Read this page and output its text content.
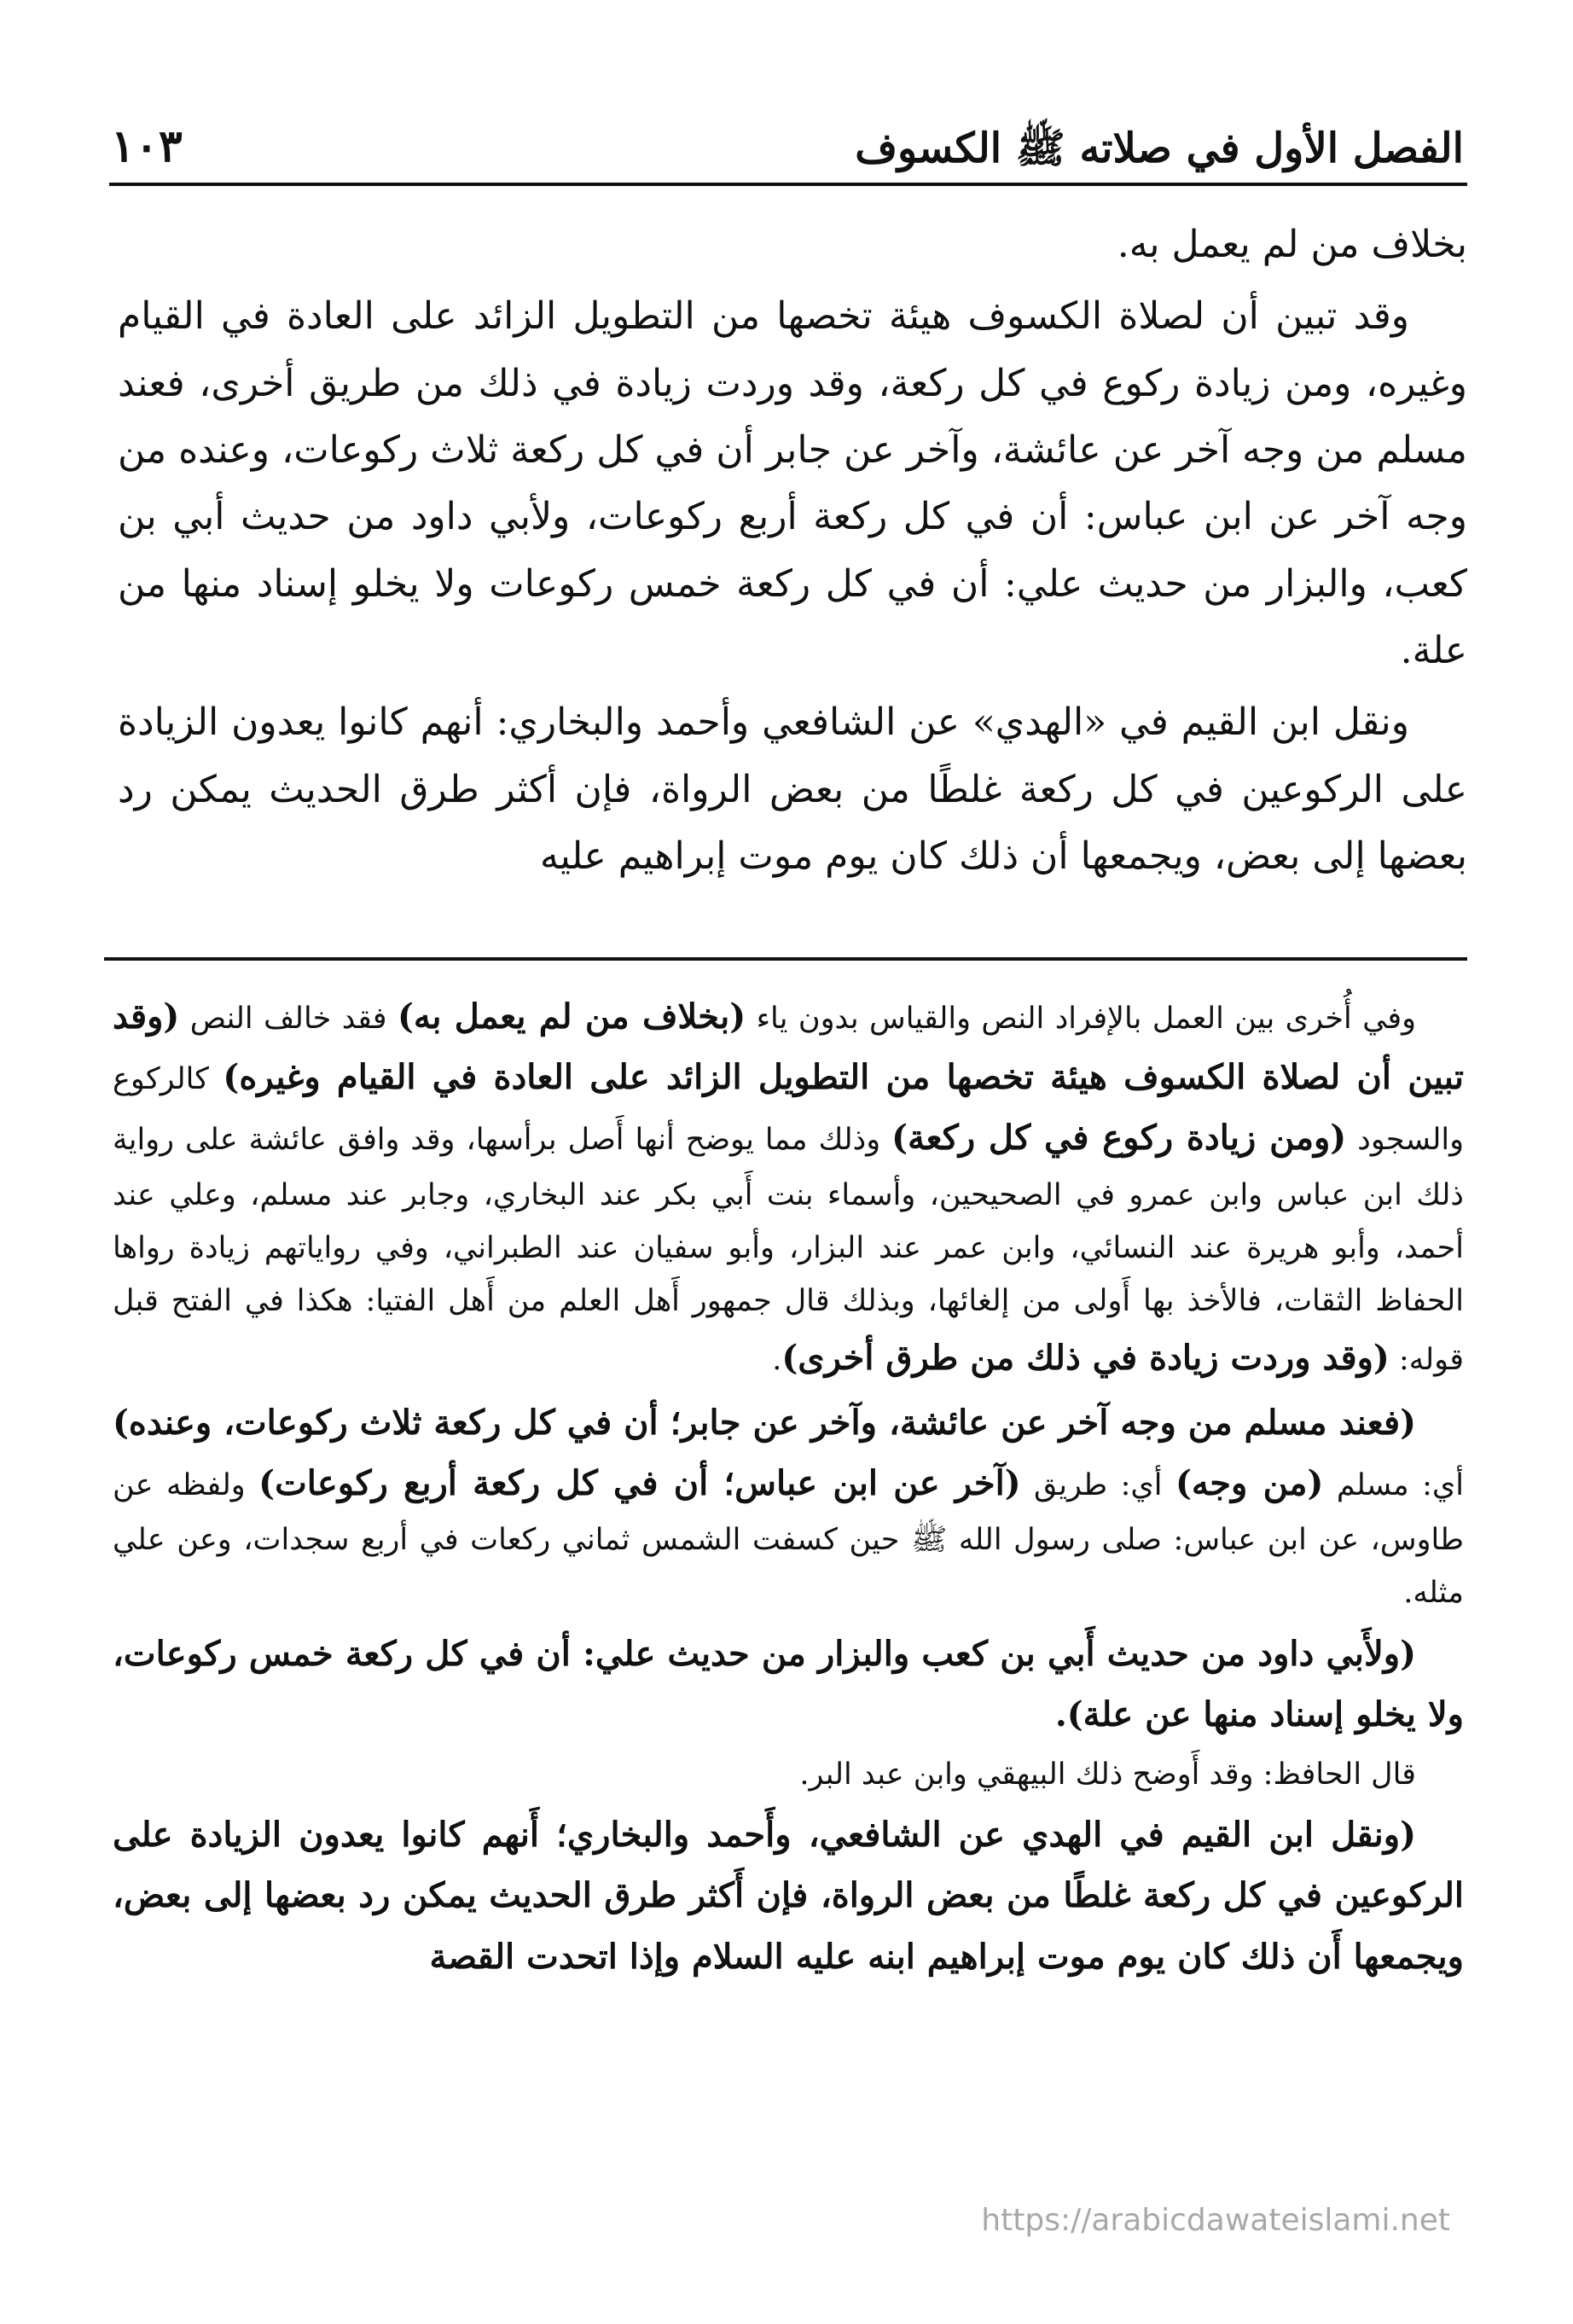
الفصل الأول في صلاته ﷺ الكسوف
١٠٣

بخلاف من لم يعمل به.

وقد تبين أن لصلاة الكسوف هيئة تخصها من التطويل الزائد على العادة في القيام وغيره، ومن زيادة ركوع في كل ركعة، وقد وردت زيادة في ذلك من طريق أخرى، فعند مسلم من وجه آخر عن عائشة، وآخر عن جابر أن في كل ركعة ثلاث ركوعات، وعنده من وجه آخر عن ابن عباس: أن في كل ركعة أربع ركوعات، ولأبي داود من حديث أبي بن كعب، والبزار من حديث علي: أن في كل ركعة خمس ركوعات ولا يخلو إسناد منها من علة.

ونقل ابن القيم في «الهدي» عن الشافعي وأحمد والبخاري: أنهم كانوا يعدون الزيادة على الركوعين في كل ركعة غلطًا من بعض الرواة، فإن أكثر طرق الحديث يمكن رد بعضها إلى بعض، ويجمعها أن ذلك كان يوم موت إبراهيم عليه

وفي أُخرى بين العمل بالإفراد النص والقياس بدون ياء (بخلاف من لم يعمل به) فقد خالف النص (وقد تبين أن لصلاة الكسوف هيئة تخصها من التطويل الزائد على العادة في القيام وغيره) كالركوع والسجود (ومن زيادة ركوع في كل ركعة) وذلك مما يوضح أنها أَصل برأسها، وقد وافق عائشة على رواية ذلك ابن عباس وابن عمرو في الصحيحين، وأسماء بنت أَبي بكر عند البخاري، وجابر عند مسلم، وعلي عند أحمد، وأبو هريرة عند النسائي، وابن عمر عند البزار، وأبو سفيان عند الطبراني، وفي رواياتهم زيادة رواها الحفاظ الثقات، فالأخذ بها أَولى من إلغائها، وبذلك قال جمهور أَهل العلم من أَهل الفتيا: هكذا في الفتح قبل قوله: (وقد وردت زيادة في ذلك من طرق أخرى).

(فعند مسلم من وجه آخر عن عائشة، وآخر عن جابر؛ أن في كل ركعة ثلاث ركوعات، وعنده) أي: مسلم (من وجه) أي: طريق (آخر عن ابن عباس؛ أن في كل ركعة أربع ركوعات) ولفظه عن طاوس، عن ابن عباس: صلى رسول الله ﷺ حين كسفت الشمس ثماني ركعات في أربع سجدات، وعن علي مثله.

(ولأَبي داود من حديث أَبي بن كعب والبزار من حديث علي: أن في كل ركعة خمس ركوعات، ولا يخلو إسناد منها عن علة).

قال الحافظ: وقد أَوضح ذلك البيهقي وابن عبد البر.

(ونقل ابن القيم في الهدي عن الشافعي، وأَحمد والبخاري؛ أَنهم كانوا يعدون الزيادة على الركوعين في كل ركعة غلطًا من بعض الرواة، فإن أَكثر طرق الحديث يمكن رد بعضها إلى بعض، ويجمعها أَن ذلك كان يوم موت إبراهيم ابنه عليه السلام وإذا اتحدت القصة

https://arabicdawateislami.net
